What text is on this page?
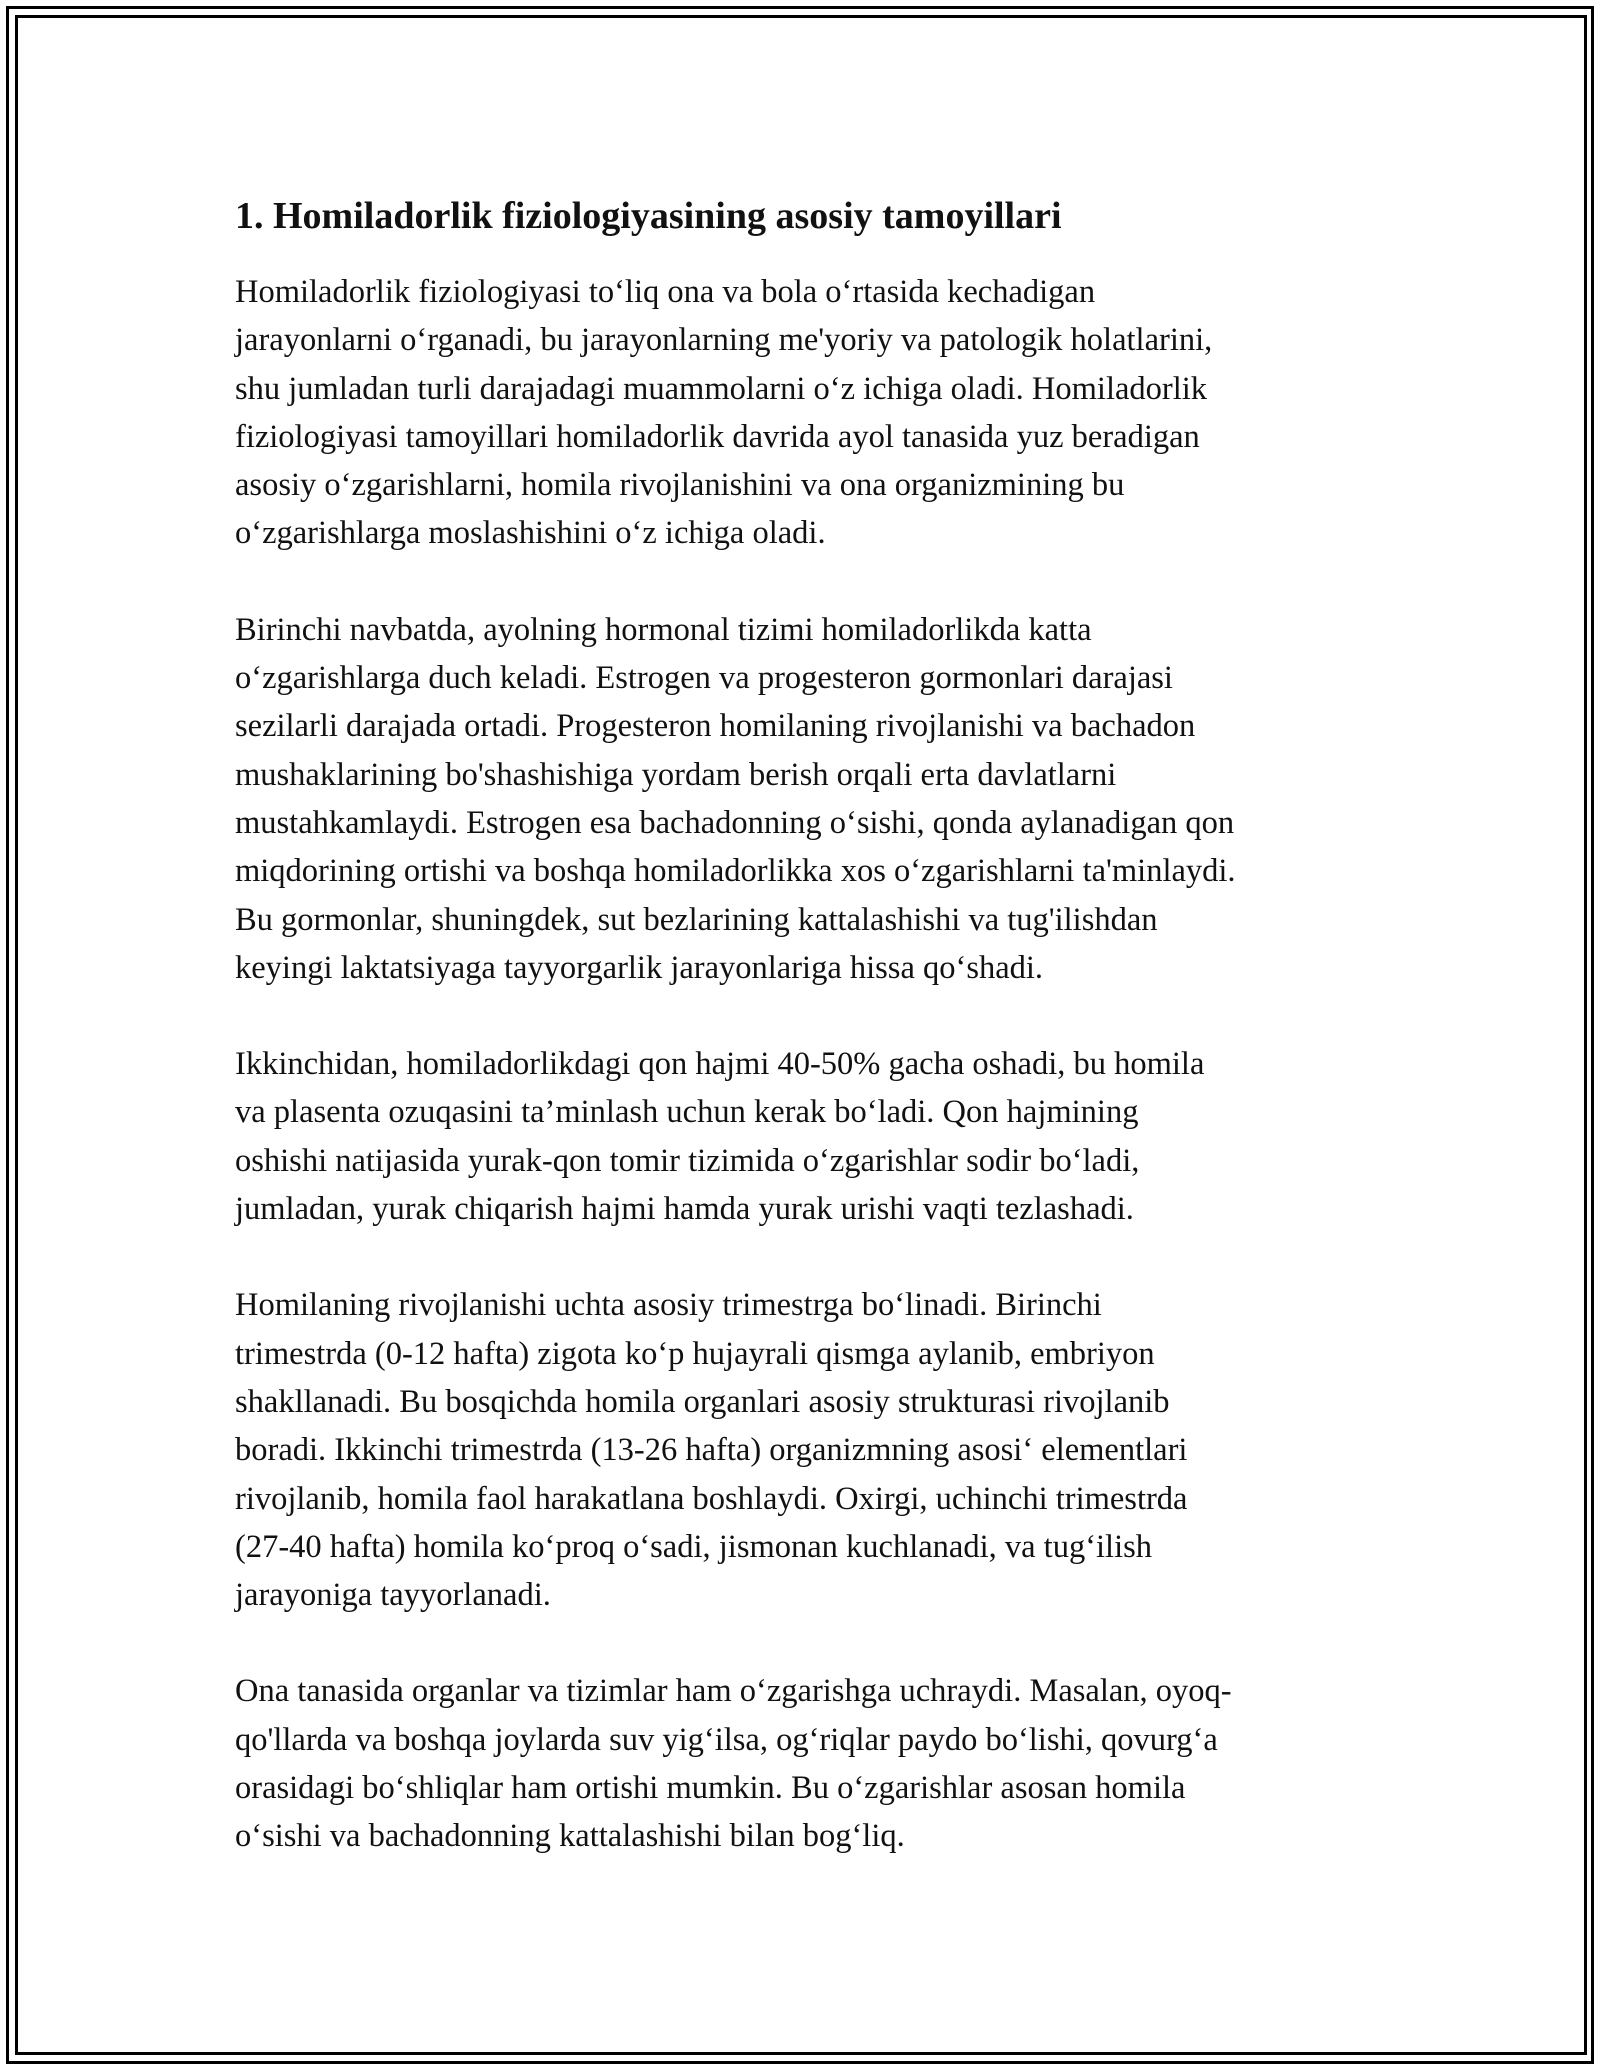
1. Homiladorlik fiziologiyasining asosiy tamoyillari

Homiladorlik fiziologiyasi to‘liq ona va bola o‘rtasida kechadigan
jarayonlarni o‘rganadi, bu jarayonlarning me'yoriy va patologik holatlarini,
shu jumladan turli darajadagi muammolarni o‘z ichiga oladi. Homiladorlik
fiziologiyasi tamoyillari homiladorlik davrida ayol tanasida yuz beradigan
asosiy o‘zgarishlarni, homila rivojlanishini va ona organizmining bu
o‘zgarishlarga moslashishini o‘z ichiga oladi.

Birinchi navbatda, ayolning hormonal tizimi homiladorlikda katta
o‘zgarishlarga duch keladi. Estrogen va progesteron gormonlari darajasi
sezilarli darajada ortadi. Progesteron homilaning rivojlanishi va bachadon
mushaklarining bo'shashishiga yordam berish orqali erta davlatlarni
mustahkamlaydi. Estrogen esa bachadonning o‘sishi, qonda aylanadigan qon
miqdorining ortishi va boshqa homiladorlikka xos o‘zgarishlarni ta'minlaydi.
Bu gormonlar, shuningdek, sut bezlarining kattalashishi va tug'ilishdan
keyingi laktatsiyaga tayyorgarlik jarayonlariga hissa qo‘shadi.

Ikkinchidan, homiladorlikdagi qon hajmi 40-50% gacha oshadi, bu homila
va plasenta ozuqasini ta’minlash uchun kerak bo‘ladi. Qon hajmining
oshishi natijasida yurak-qon tomir tizimida o‘zgarishlar sodir bo‘ladi,
jumladan, yurak chiqarish hajmi hamda yurak urishi vaqti tezlashadi.

Homilaning rivojlanishi uchta asosiy trimestrga bo‘linadi. Birinchi
trimestrda (0-12 hafta) zigota ko‘p hujayrali qismga aylanib, embriyon
shakllanadi. Bu bosqichda homila organlari asosiy strukturasi rivojlanib
boradi. Ikkinchi trimestrda (13-26 hafta) organizmning asosi‘ elementlari
rivojlanib, homila faol harakatlana boshlaydi. Oxirgi, uchinchi trimestrda
(27-40 hafta) homila ko‘proq o‘sadi, jismonan kuchlanadi, va tug‘ilish
jarayoniga tayyorlanadi.

Ona tanasida organlar va tizimlar ham o‘zgarishga uchraydi. Masalan, oyoq-
qo'llarda va boshqa joylarda suv yig‘ilsa, og‘riqlar paydo bo‘lishi, qovurg‘a
orasidagi bo‘shliqlar ham ortishi mumkin. Bu o‘zgarishlar asosan homila
o‘sishi va bachadonning kattalashishi bilan bog‘liq.
